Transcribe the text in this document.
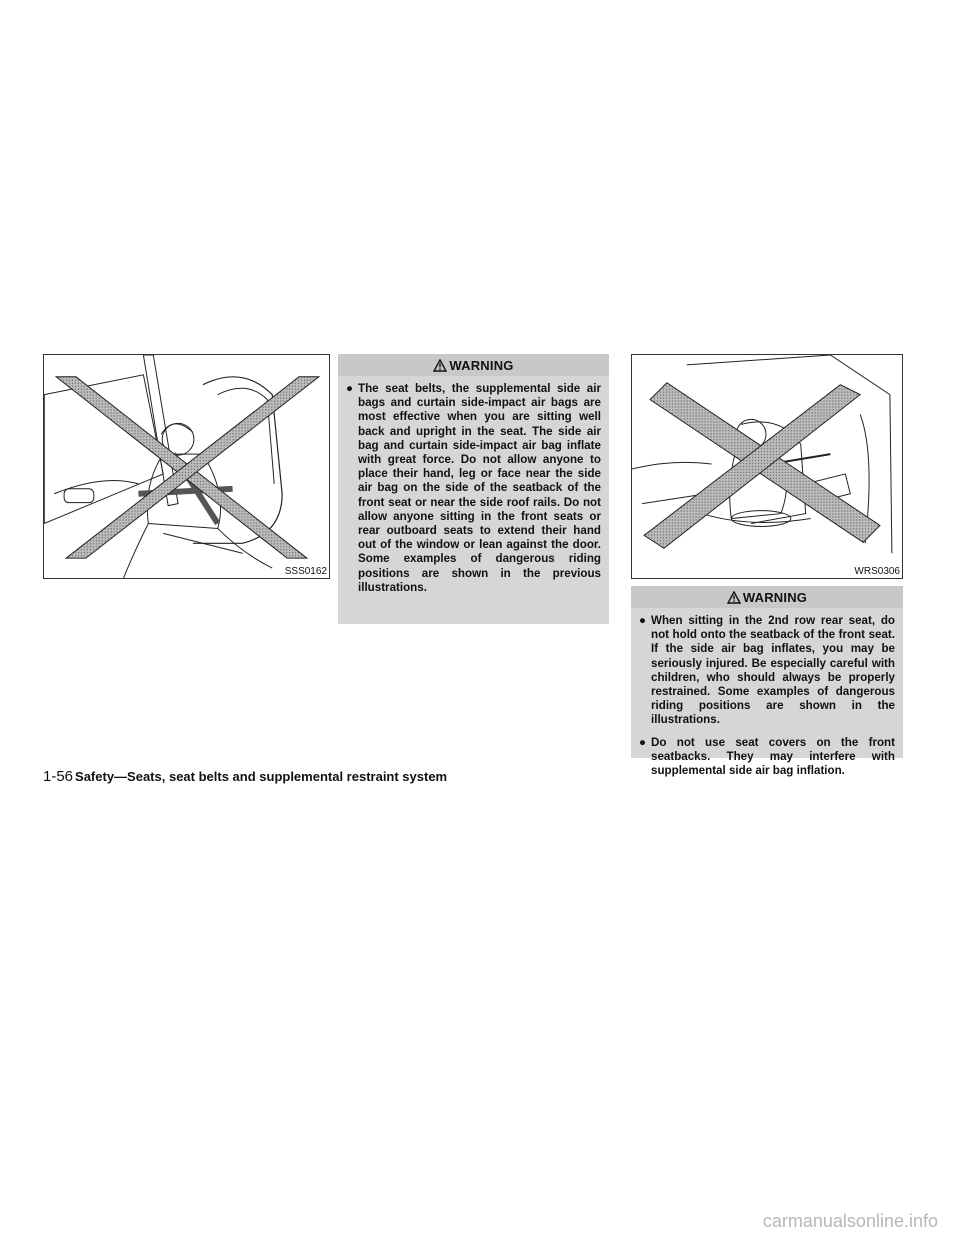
SSS0162
WARNING
● The seat belts, the supplemental side air bags and curtain side-impact air bags are most effective when you are sitting well back and upright in the seat. The side air bag and curtain side-impact air bag inflate with great force. Do not allow anyone to place their hand, leg or face near the side air bag on the side of the seatback of the front seat or near the side roof rails. Do not allow anyone sitting in the front seats or rear outboard seats to extend their hand out of the window or lean against the door. Some examples of dangerous riding positions are shown in the previous illustrations.
WRS0306
WARNING
● When sitting in the 2nd row rear seat, do not hold onto the seatback of the front seat. If the side air bag inflates, you may be seriously injured. Be especially careful with children, who should always be properly restrained. Some examples of dangerous riding positions are shown in the illustrations.
● Do not use seat covers on the front seatbacks. They may interfere with supplemental side air bag inflation.
1-56 Safety—Seats, seat belts and supplemental restraint system
carmanualsonline.info
